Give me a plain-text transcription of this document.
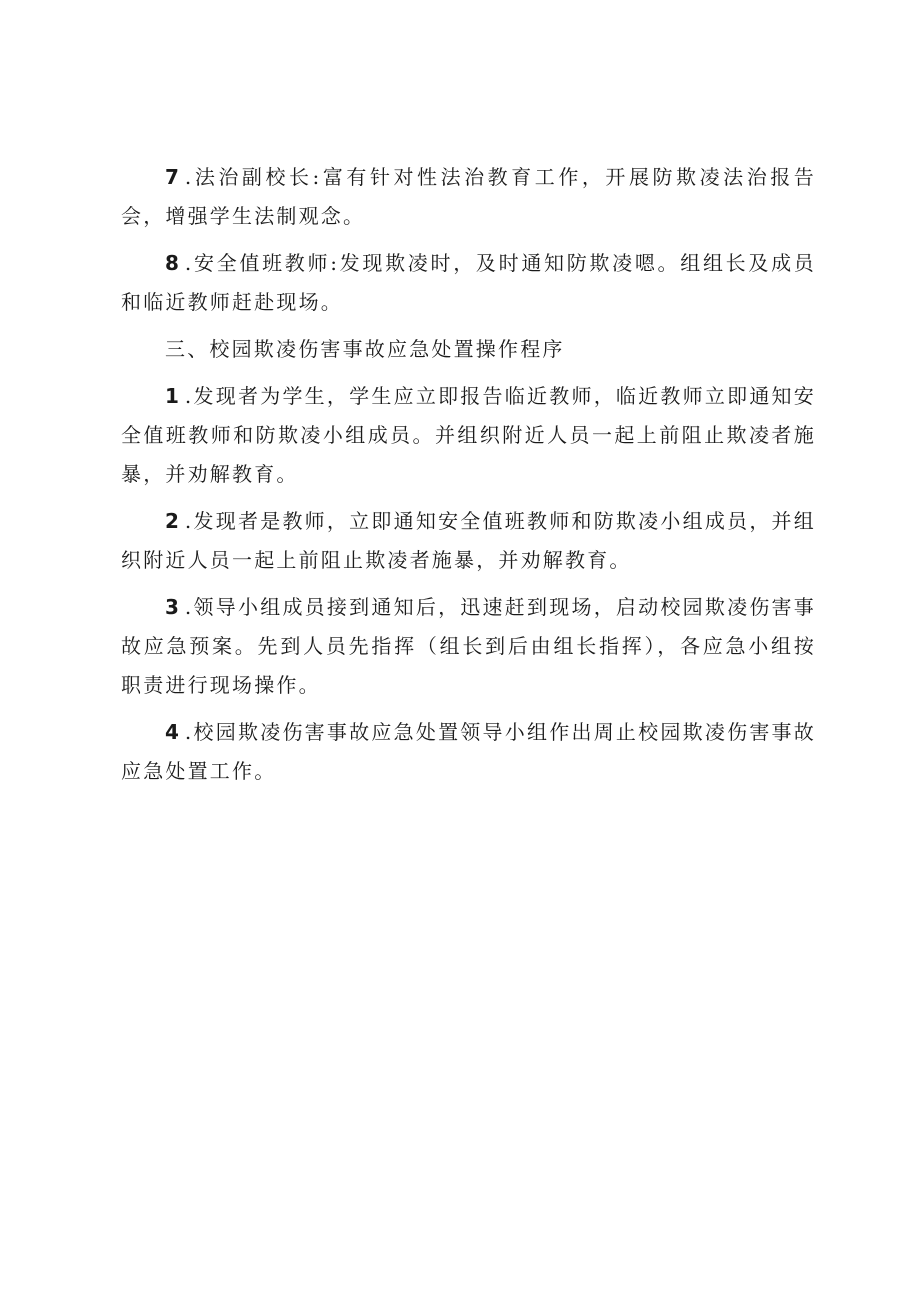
7 .法治副校长:富有针对性法治教育工作，开展防欺凌法治报告会，增强学生法制观念。

8 .安全值班教师:发现欺凌时，及时通知防欺凌嗯。组组长及成员和临近教师赶赴现场。

三、校园欺凌伤害事故应急处置操作程序

1 .发现者为学生，学生应立即报告临近教师，临近教师立即通知安全值班教师和防欺凌小组成员。并组织附近人员一起上前阻止欺凌者施暴，并劝解教育。

2 .发现者是教师，立即通知安全值班教师和防欺凌小组成员，并组织附近人员一起上前阻止欺凌者施暴，并劝解教育。

3 .领导小组成员接到通知后，迅速赶到现场，启动校园欺凌伤害事故应急预案。先到人员先指挥（组长到后由组长指挥），各应急小组按职责进行现场操作。

4 .校园欺凌伤害事故应急处置领导小组作出周止校园欺凌伤害事故应急处置工作。
